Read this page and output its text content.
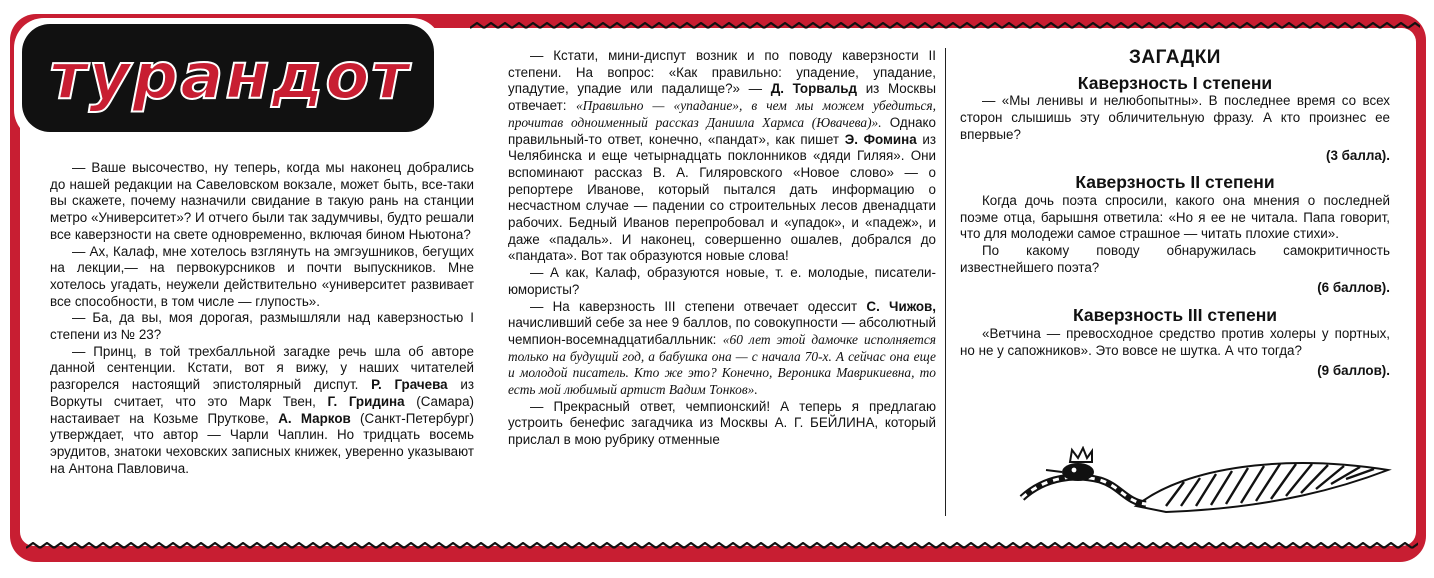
турандот

— Ваше высочество, ну теперь, когда мы наконец добрались до нашей редакции на Савеловском вокзале, может быть, все-таки вы скажете, почему назначили свидание в такую рань на станции метро «Университет»? И отчего были так задумчивы, будто решали все каверзности на свете одновременно, включая бином Ньютона?

— Ах, Калаф, мне хотелось взглянуть на эмгэушников, бегущих на лекции,— на первокурсников и почти выпускников. Мне хотелось угадать, неужели действительно «университет развивает все способности, в том числе — глупость».

— Ба, да вы, моя дорогая, размышляли над каверзностью I степени из № 23?

— Принц, в той трехбалльной загадке речь шла об авторе данной сентенции. Кстати, вот я вижу, у наших читателей разгорелся настоящий эпистолярный диспут. Р. Грачева из Воркуты считает, что это Марк Твен, Г. Гридина (Самара) настаивает на Козьме Пруткове, А. Марков (Санкт-Петербург) утверждает, что автор — Чарли Чаплин. Но тридцать восемь эрудитов, знатоки чеховских записных книжек, уверенно указывают на Антона Павловича.

— Кстати, мини-диспут возник и по поводу каверзности II степени. На вопрос: «Как правильно: упадение, упадание, упадутие, упадие или падалище?» — Д. Торвальд из Москвы отвечает: «Правильно — «упадание», в чем мы можем убедиться, прочитав одноименный рассказ Даниила Хармса (Ювачева)». Однако правильный-то ответ, конечно, «пандат», как пишет Э. Фомина из Челябинска и еще четырнадцать поклонников «дяди Гиляя». Они вспоминают рассказ В. А. Гиляровского «Новое слово» — о репортере Иванове, который пытался дать информацию о несчастном случае — падении со строительных лесов двенадцати рабочих. Бедный Иванов перепробовал и «упадок», и «падеж», и даже «падаль». И наконец, совершенно ошалев, добрался до «пандата». Вот так образуются новые слова!

— А как, Калаф, образуются новые, т. е. молодые, писатели-юмористы?

— На каверзность III степени отвечает одессит С. Чижов, начисливший себе за нее 9 баллов, по совокупности — абсолютный чемпион-восемнадцатибалльник: «60 лет этой дамочке исполняется только на будущий год, а бабушка она — с начала 70-х. А сейчас она еще и молодой писатель. Кто же это? Конечно, Вероника Маврикиевна, то есть мой любимый артист Вадим Тонков».

— Прекрасный ответ, чемпионский! А теперь я предлагаю устроить бенефис загадчика из Москвы А. Г. БЕЙЛИНА, который прислал в мою рубрику отменные

ЗАГАДКИ
Каверзность I степени

— «Мы ленивы и нелюбопытны». В последнее время со всех сторон слышишь эту обличительную фразу. А кто произнес ее впервые?

(3 балла).
Каверзность II степени

Когда дочь поэта спросили, какого она мнения о последней поэме отца, барышня ответила: «Но я ее не читала. Папа говорит, что для молодежи самое страшное — читать плохие стихи».

По какому поводу обнаружилась самокритичность известнейшего поэта?

(6 баллов).
Каверзность III степени

«Ветчина — превосходное средство против холеры у портных, но не у сапожников». Это вовсе не шутка. А что тогда?

(9 баллов).
